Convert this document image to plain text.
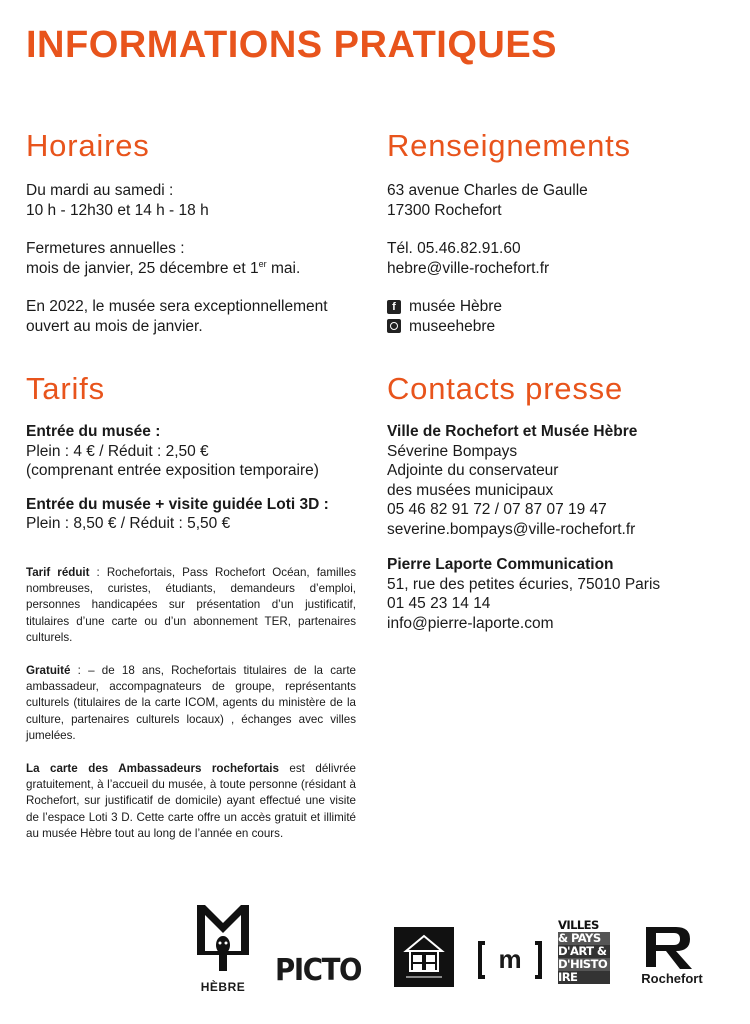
INFORMATIONS PRATIQUES
Horaires

Du mardi au samedi :

10 h - 12h30 et 14 h - 18 h

Fermetures annuelles :

mois de janvier, 25 décembre et 1er mai.

En 2022, le musée sera exceptionnellement

ouvert au mois de janvier.

Renseignements

63 avenue Charles de Gaulle

17300 Rochefort

Tél. 05.46.82.91.60

hebre@ville-rochefort.fr

f musée Hèbre

museehebre

Tarifs

Entrée du musée :

Plein : 4 € / Réduit : 2,50 €

(comprenant entrée exposition temporaire)

Entrée du musée + visite guidée Loti 3D :

Plein : 8,50 € / Réduit : 5,50 €

Tarif réduit : Rochefortais, Pass Rochefort Océan, familles nombreuses, curistes, étudiants, demandeurs d’emploi, personnes handicapées sur présentation d’un justificatif, titulaires d’une carte ou d’un abonnement TER, partenaires culturels.

Gratuité : – de 18 ans, Rochefortais titulaires de la carte ambassadeur, accompagnateurs de groupe, représentants culturels (titulaires de la carte ICOM, agents du ministère de la culture, partenaires culturels locaux) , échanges avec villes jumelées.

La carte des Ambassadeurs rochefortais est délivrée gratuitement, à l’accueil du musée, à toute personne (résidant à Rochefort, sur justificatif de domicile) ayant effectué une visite de l’espace Loti 3 D. Cette carte offre un accès gratuit et illimité au musée Hèbre tout au long de l’année en cours.

Contacts presse

Ville de Rochefort et Musée Hèbre

Séverine Bompays

Adjointe du conservateur

des musées municipaux

05 46 82 91 72 / 07 87 07 19 47

severine.bompays@ville-rochefort.fr

Pierre Laporte Communication

51, rue des petites écuries, 75010 Paris

01 45 23 14 14

info@pierre-laporte.com

HÈBRE PICTO	m
VILLES
& PAYS
D'ART &
D'HISTO
IRE	Rochefort
